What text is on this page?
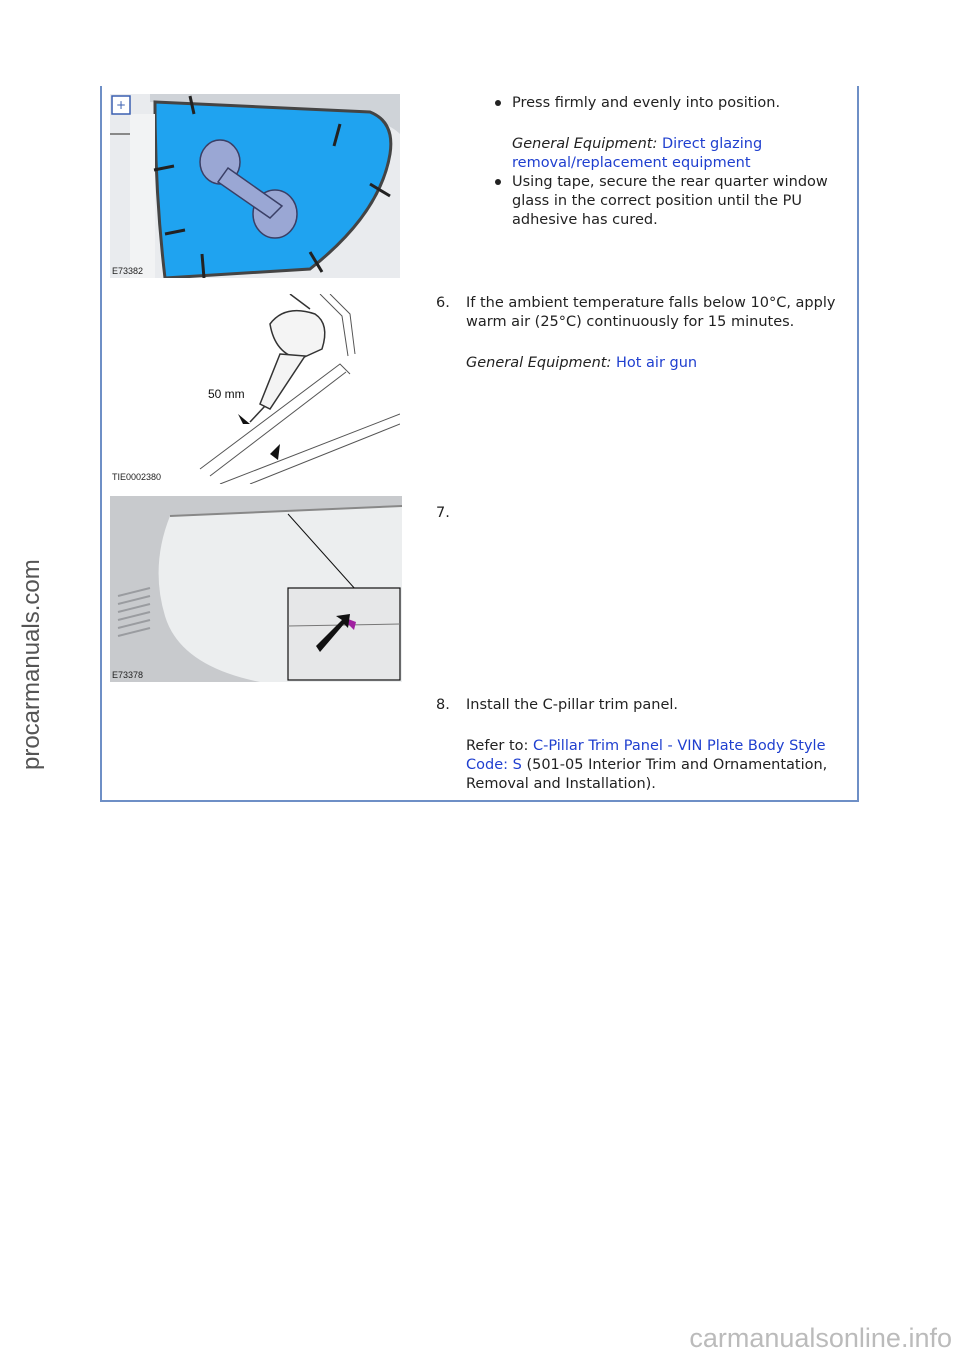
procarmanuals.com
+
E73382

Press firmly and evenly into position.

General Equipment: Direct glazing removal/replacement equipment

Using tape, secure the rear quarter window glass in the correct position until the PU adhesive has cured.

50 mm
TIE0002380

6. If the ambient temperature falls below 10°C, apply warm air (25°C) continuously for 15 minutes.

General Equipment: Hot air gun

E73378

7.

8. Install the C-pillar trim panel.

Refer to: C-Pillar Trim Panel - VIN Plate Body Style Code: S (501-05 Interior Trim and Ornamentation, Removal and Installation).

carmanualsonline.info
